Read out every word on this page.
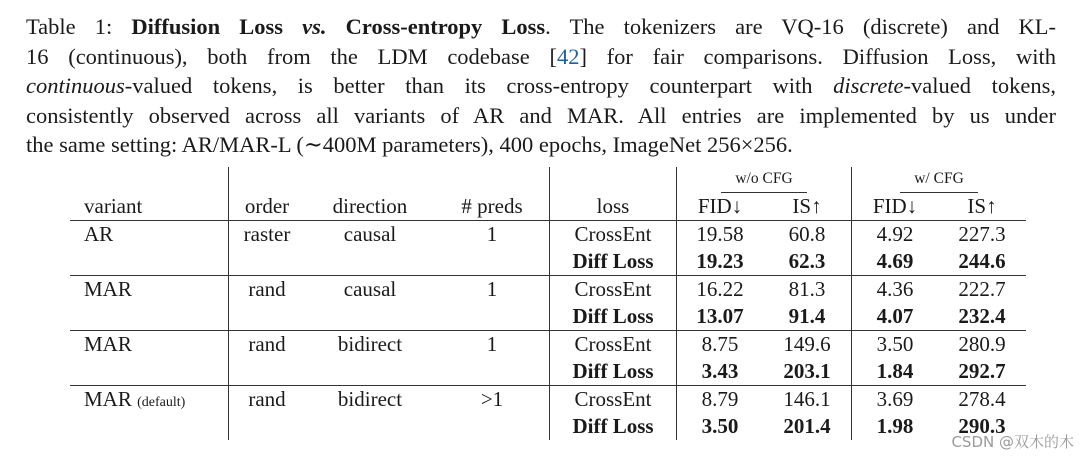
Table 1: Diffusion Loss vs. Cross-entropy Loss. The tokenizers are VQ-16 (discrete) and KL-
16 (continuous), both from the LDM codebase [42] for fair comparisons. Diffusion Loss, with
continuous-valued tokens, is better than its cross-entropy counterpart with discrete-valued tokens,
consistently observed across all variants of AR and MAR. All entries are implemented by us under
the same setting: AR/MAR-L (∼400M parameters), 400 epochs, ImageNet 256×256.
					w/o CFG		w/ CFG	
variant	order	direction	# preds	loss	FID↓	IS↑	FID↓	IS↑
AR	raster	causal	1	CrossEnt	19.58	60.8	4.92	227.3
				Diff Loss	19.23	62.3	4.69	244.6
MAR	rand	causal	1	CrossEnt	16.22	81.3	4.36	222.7
				Diff Loss	13.07	91.4	4.07	232.4
MAR	rand	bidirect	1	CrossEnt	8.75	149.6	3.50	280.9
				Diff Loss	3.43	203.1	1.84	292.7
MAR (default)	rand	bidirect	>1	CrossEnt	8.79	146.1	3.69	278.4
				Diff Loss	3.50	201.4	1.98	290.3
CSDN @双木的木
